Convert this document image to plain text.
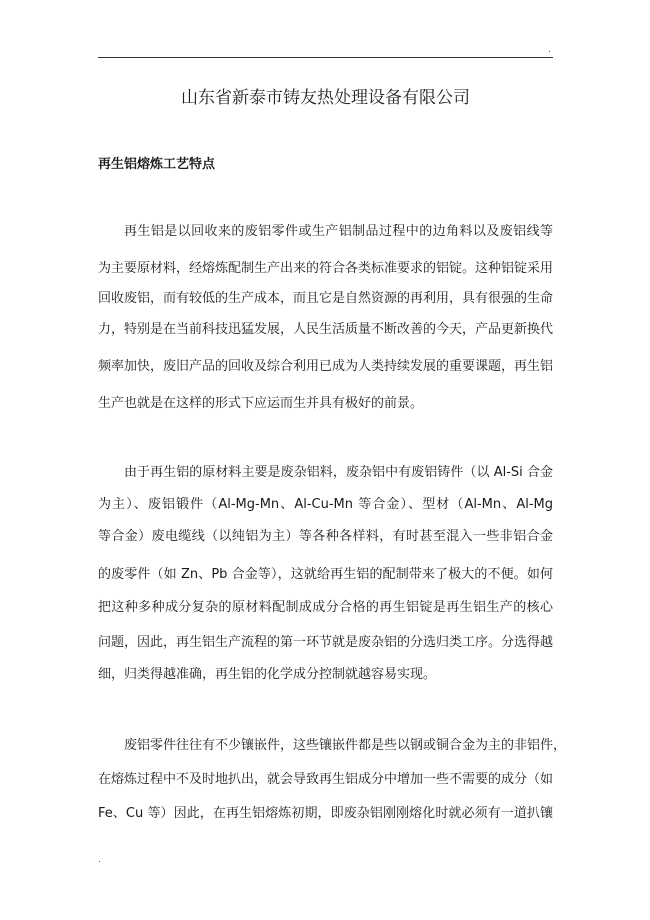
.
山东省新泰市铸友热处理设备有限公司
再生铝熔炼工艺特点
再生铝是以回收来的废铝零件或生产铝制品过程中的边角料以及废铝线等
为主要原材料，经熔炼配制生产出来的符合各类标准要求的铝锭。这种铝锭采用
回收废铝，而有较低的生产成本，而且它是自然资源的再利用，具有很强的生命
力，特别是在当前科技迅猛发展，人民生活质量不断改善的今天，产品更新换代
频率加快，废旧产品的回收及综合利用已成为人类持续发展的重要课题，再生铝
生产也就是在这样的形式下应运而生并具有极好的前景。
由于再生铝的原材料主要是废杂铝料，废杂铝中有废铝铸件（以 Al-Si 合金
为主）、废铝锻件（Al-Mg-Mn、Al-Cu-Mn 等合金）、型材（Al-Mn、Al-Mg
等合金）废电缆线（以纯铝为主）等各种各样料，有时甚至混入一些非铝合金
的废零件（如 Zn、Pb 合金等），这就给再生铝的配制带来了极大的不便。如何
把这种多种成分复杂的原材料配制成成分合格的再生铝锭是再生铝生产的核心
问题，因此，再生铝生产流程的第一环节就是废杂铝的分选归类工序。分选得越
细，归类得越准确，再生铝的化学成分控制就越容易实现。
废铝零件往往有不少镶嵌件，这些镶嵌件都是些以钢或铜合金为主的非铝件，
在熔炼过程中不及时地扒出，就会导致再生铝成分中增加一些不需要的成分（如
Fe、Cu 等）因此，在再生铝熔炼初期，即废杂铝刚刚熔化时就必须有一道扒镶
.
